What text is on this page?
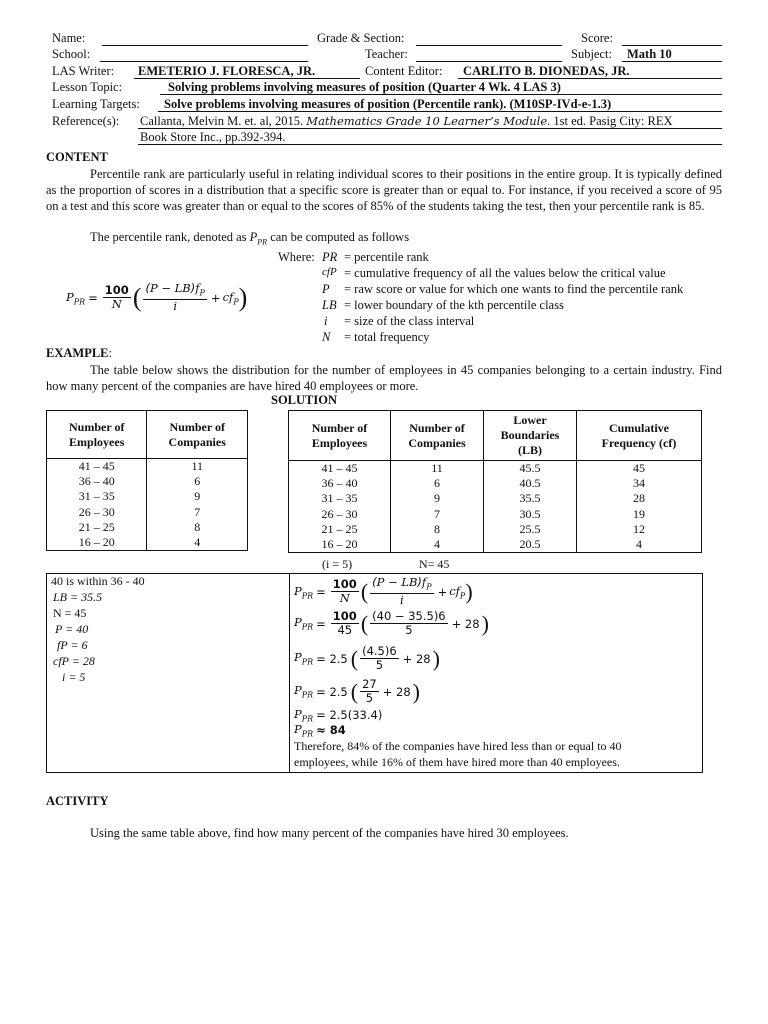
Name:	Grade & Section:	Score:
School:	Teacher:	Subject: Math 10
LAS Writer: EMETERIO J. FLORESCA, JR.	Content Editor: CARLITO B. DIONEDAS, JR.
Lesson Topic:	Solving problems involving measures of position (Quarter 4 Wk. 4 LAS 3)
Learning Targets: Solve problems involving measures of position (Percentile rank). (M10SP-IVd-e-1.3)
Reference(s): Callanta, Melvin M. et. al, 2015. Mathematics Grade 10 Learner’s Module. 1st ed. Pasig City: REX
Book Store Inc., pp.392-394.
CONTENT
Percentile rank are particularly useful in relating individual scores to their positions in the entire group. It is typically defined as the proportion of scores in a distribution that a specific score is greater than or equal to. For instance, if you received a score of 95 on a test and this score was greater than or equal to the scores of 85% of the students taking the test, then your percentile rank is 85.
The percentile rank, denoted as $P_{PR}$ can be computed as follows
$P_{PR} = \frac{100}{N}$ ( $\frac{(P - LB)f_P}{i} + cf_P$ )
Where: PR = percentile rank
cfP = cumulative frequency of all the values below the critical value
P = raw score or value for which one wants to find the percentile rank
LB = lower boundary of the kth percentile class
i = size of the class interval
N = total frequency
EXAMPLE:
The table below shows the distribution for the number of employees in 45 companies belonging to a certain industry. Find how many percent of the companies are have hired 40 employees or more.
SOLUTION
Number of Employees	Number of Companies
41 – 45	11
36 – 40	6
31 – 35	9
26 – 30	7
21 – 25	8
16 – 20	4
Number of Employees	Number of Companies	Lower Boundaries (LB)	Cumulative Frequency (cf)
41 – 45	11	45.5	45
36 – 40	6	40.5	34
31 – 35	9	35.5	28
26 – 30	7	30.5	19
21 – 25	8	25.5	12
16 – 20	4	20.5	4
(i = 5)	N= 45
40 is within 36 - 40
LB = 35.5
N = 45
P = 40
fP = 6
cfP = 28
i = 5
$P_{PR} = \frac{100}{N}$ ( $\frac{(P - LB)f_P}{i} + cf_P$ )
$P_{PR} = \frac{100}{45}$ ( $\frac{(40 - 35.5)6}{5} + 28$ )
$P_{PR} = 2.5$ ( $\frac{(4.5)6}{5} + 28$ )
$P_{PR} = 2.5$ ( $\frac{27}{5} + 28$ )
$P_{PR} = 2.5(33.4)$
$P_{PR} \approx 84$
Therefore, 84% of the companies have hired less than or equal to 40
employees, while 16% of them have hired more than 40 employees.
ACTIVITY
Using the same table above, find how many percent of the companies have hired 30 employees.
